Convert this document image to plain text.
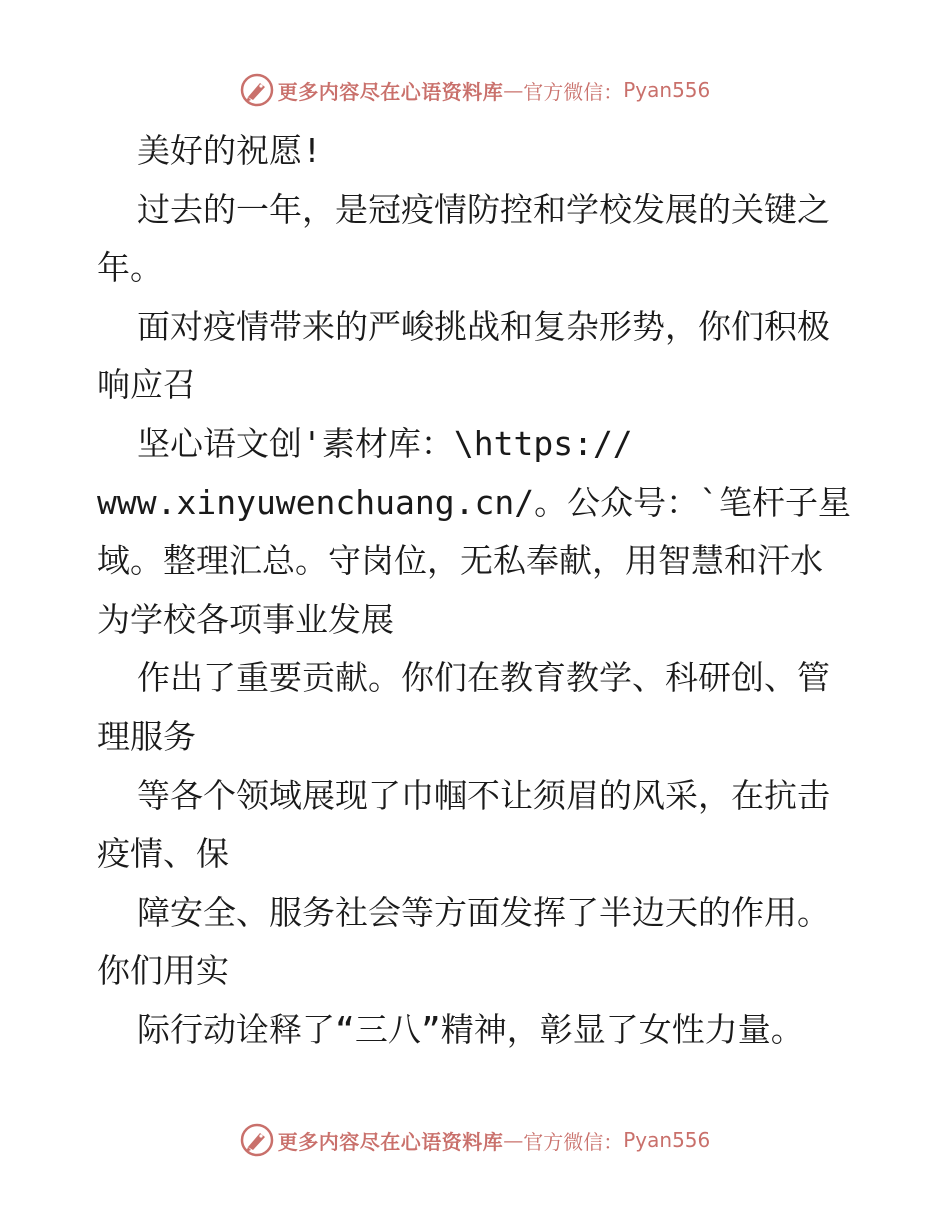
更多内容尽在心语资料库 — 官方微信： Pyan556
美好的祝愿!
过去的一年，是冠疫情防控和学校发展的关键之
年。
面对疫情带来的严峻挑战和复杂形势，你们积极
响应召
坚心语文创'素材库：\https://
www.xinyuwenchuang.cn/。公众号：`笔杆子星
域。整理汇总。守岗位，无私奉献，用智慧和汗水
为学校各项事业发展
作出了重要贡献。你们在教育教学、科研创、管
理服务
等各个领域展现了巾帼不让须眉的风采，在抗击
疫情、保
障安全、服务社会等方面发挥了半边天的作用。
你们用实
际行动诠释了“三八”精神，彰显了女性力量。
更多内容尽在心语资料库 — 官方微信： Pyan556
